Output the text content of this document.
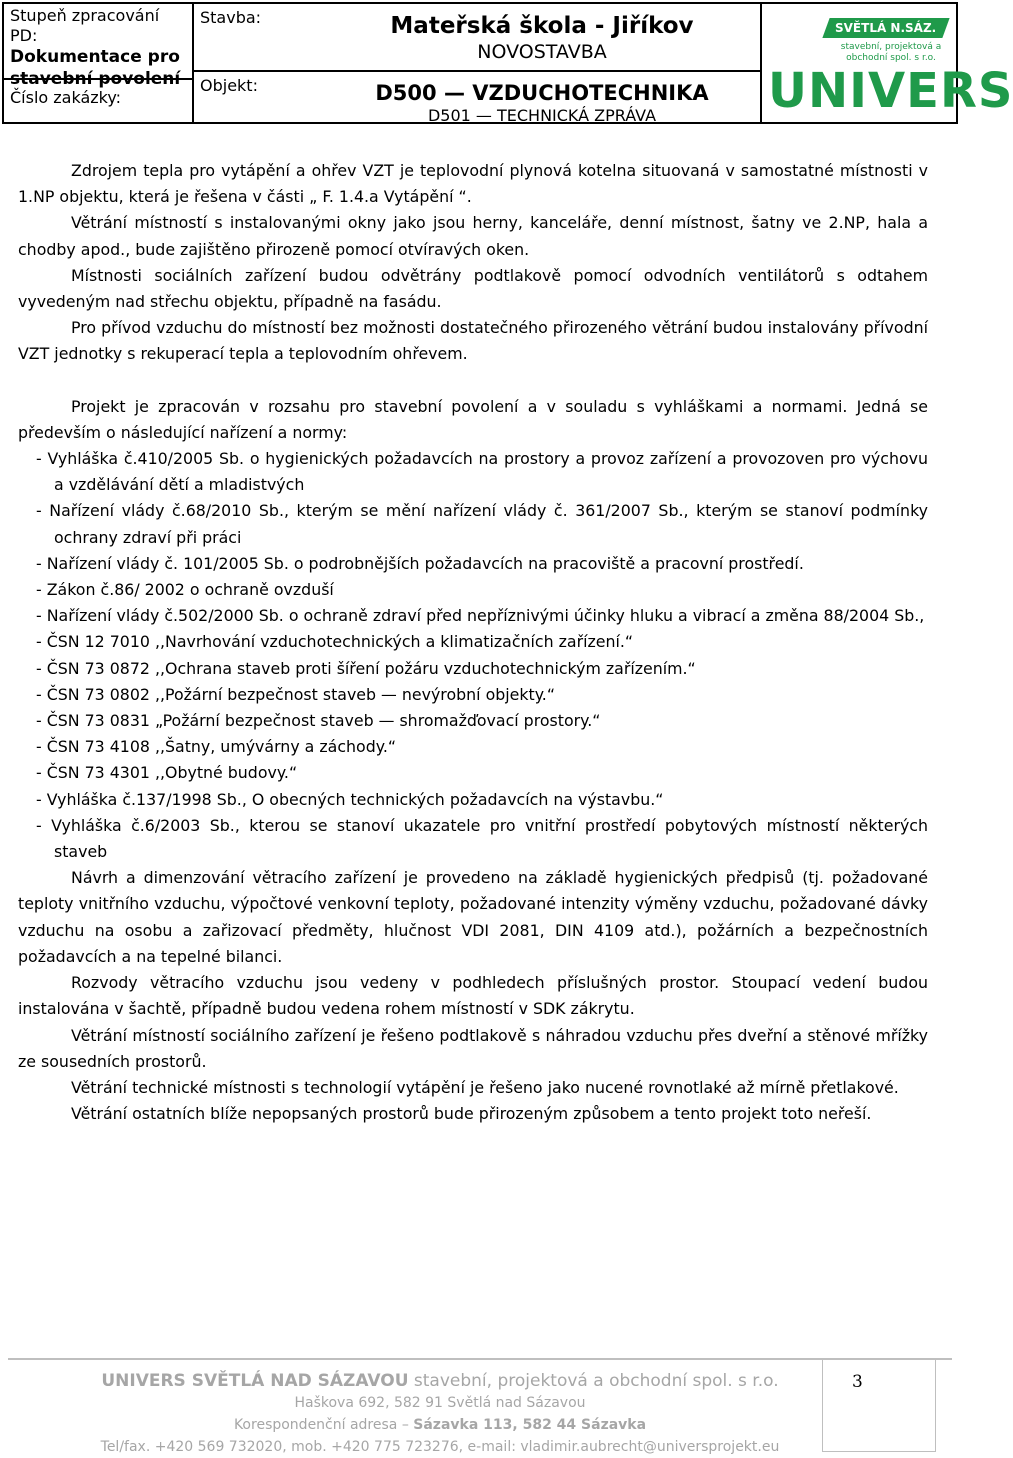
Stupeň zpracování PD:
Dokumentace pro
stavební povolení
Číslo zakázky:
Stavba:	Mateřská škola - Jiříkov
NOVOSTAVBA
Objekt:	D500 — VZDUCHOTECHNIKA
D501 — TECHNICKÁ ZPRÁVA
SVĚTLÁ N.SÁZ.
stavební, projektová a obchodní spol. s r.o.
UNIVERS

Zdrojem tepla pro vytápění a ohřev VZT je teplovodní plynová kotelna situovaná v samostatné místnosti v 1.NP objektu, která je řešena v části „ F. 1.4.a Vytápění “.

Větrání místností s instalovanými okny jako jsou herny, kanceláře, denní místnost, šatny ve 2.NP, hala a chodby apod., bude zajištěno přirozeně pomocí otvíravých oken.

Místnosti sociálních zařízení budou odvětrány podtlakově pomocí odvodních ventilátorů s odtahem vyvedeným nad střechu objektu, případně na fasádu.

Pro přívod vzduchu do místností bez možnosti dostatečného přirozeného větrání budou instalovány přívodní VZT jednotky s rekuperací tepla a teplovodním ohřevem.

Projekt je zpracován v rozsahu pro stavební povolení a v souladu s vyhláškami a normami. Jedná se především o následující nařízení a normy:

- Vyhláška č.410/2005 Sb. o hygienických požadavcích na prostory a provoz zařízení a provozoven pro výchovu a vzdělávání dětí a mladistvých

- Nařízení vlády č.68/2010 Sb., kterým se mění nařízení vlády č. 361/2007 Sb., kterým se stanoví podmínky ochrany zdraví při práci

- Nařízení vlády č. 101/2005 Sb. o podrobnějších požadavcích na pracoviště a pracovní prostředí.

- Zákon č.86/ 2002 o ochraně ovzduší

- Nařízení vlády č.502/2000 Sb. o ochraně zdraví před nepříznivými účinky hluku a vibrací a změna 88/2004 Sb.,

- ČSN 12 7010 ,,Navrhování vzduchotechnických a klimatizačních zařízení.“

- ČSN 73 0872 ,,Ochrana staveb proti šíření požáru vzduchotechnickým zařízením.“

- ČSN 73 0802 ,,Požární bezpečnost staveb — nevýrobní objekty.“

- ČSN 73 0831 „Požární bezpečnost staveb — shromažďovací prostory.“

- ČSN 73 4108 ,,Šatny, umývárny a záchody.“

- ČSN 73 4301 ,,Obytné budovy.“

- Vyhláška č.137/1998 Sb., O obecných technických požadavcích na výstavbu.“

- Vyhláška č.6/2003 Sb., kterou se stanoví ukazatele pro vnitřní prostředí pobytových místností některých staveb

Návrh a dimenzování větracího zařízení je provedeno na základě hygienických předpisů (tj. požadované teploty vnitřního vzduchu, výpočtové venkovní teploty, požadované intenzity výměny vzduchu, požadované dávky vzduchu na osobu a zařizovací předměty, hlučnost VDI 2081, DIN 4109 atd.), požárních a bezpečnostních požadavcích a na tepelné bilanci.

Rozvody větracího vzduchu jsou vedeny v podhledech příslušných prostor. Stoupací vedení budou instalována v šachtě, případně budou vedena rohem místností v SDK zákrytu.

Větrání místností sociálního zařízení je řešeno podtlakově s náhradou vzduchu přes dveřní a stěnové mřížky ze sousedních prostorů.

Větrání technické místnosti s technologií vytápění je řešeno jako nucené rovnotlaké až mírně přetlakové.

Větrání ostatních blíže nepopsaných prostorů bude přirozeným způsobem a tento projekt toto neřeší.

UNIVERS SVĚTLÁ NAD SÁZAVOU stavební, projektová a obchodní spol. s r.o.
Haškova 692, 582 91 Světlá nad Sázavou
Korespondenční adresa – Sázavka 113, 582 44 Sázavka
Tel/fax. +420 569 732020, mob. +420 775 723276, e-mail: vladimir.aubrecht@universprojekt.eu
3
